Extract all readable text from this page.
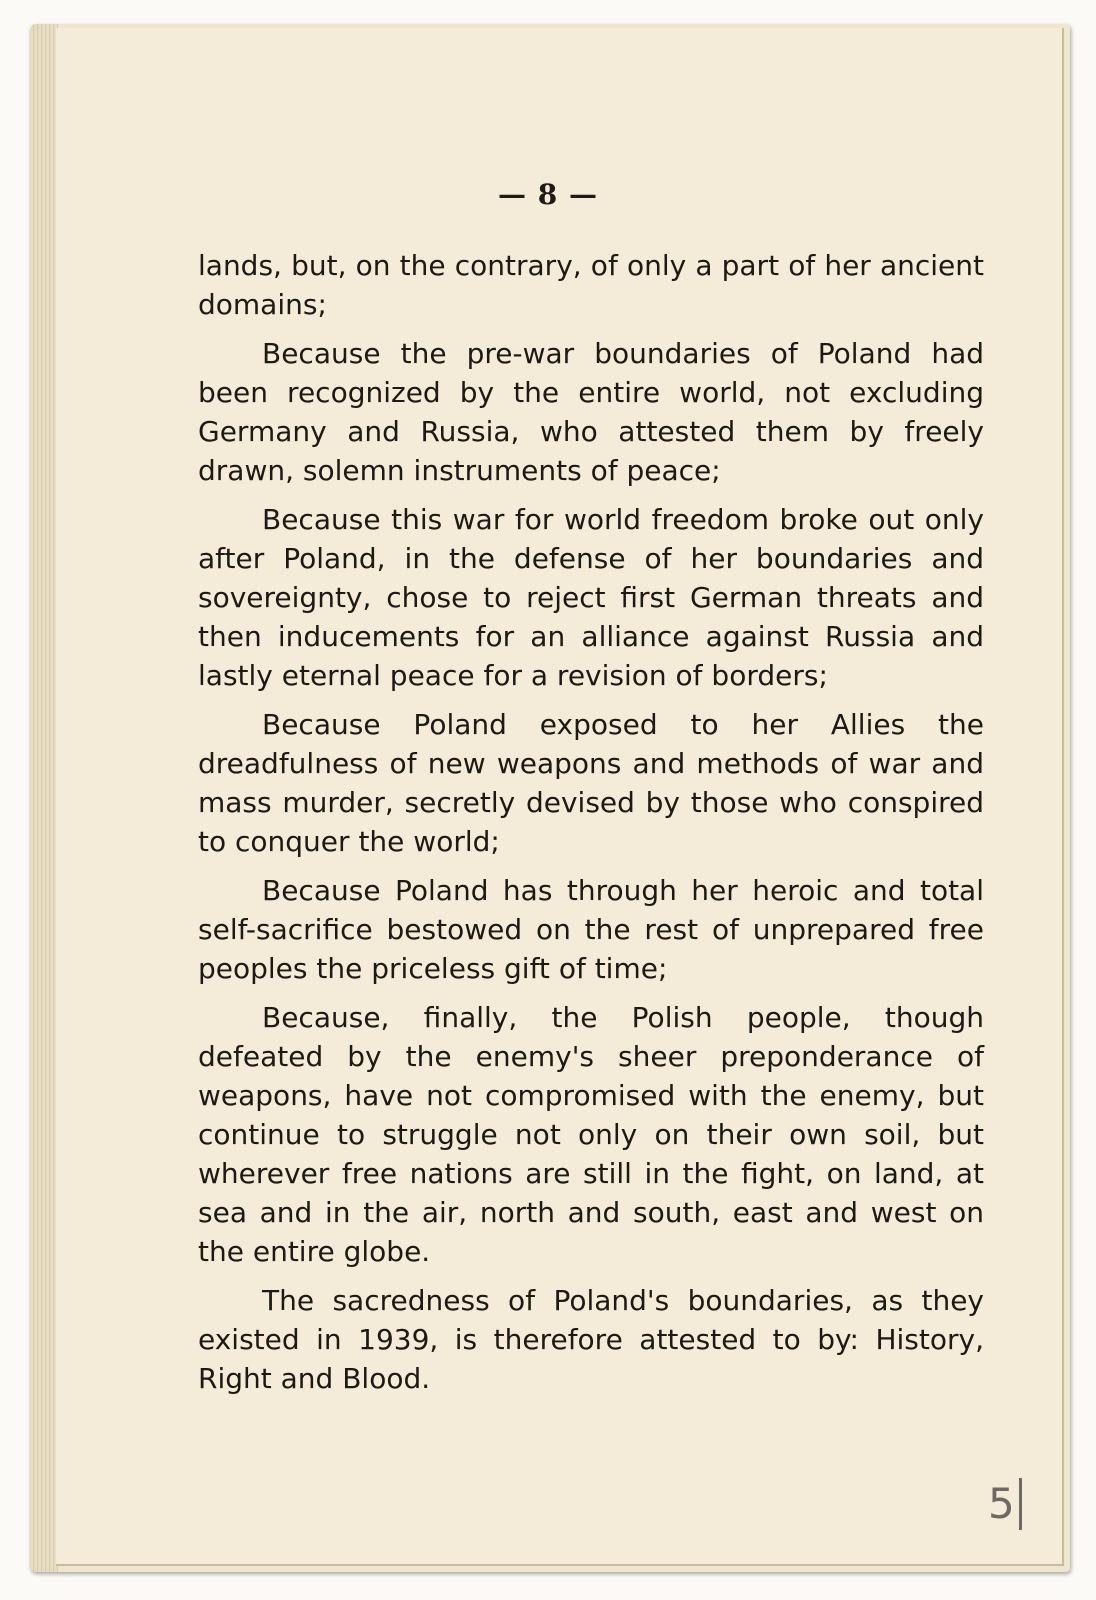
— 8 —

lands, but, on the contrary, of only a part of her ancient domains;

Because the pre-war boundaries of Poland had been recognized by the entire world, not excluding Germany and Russia, who attested them by freely drawn, solemn instruments of peace;

Because this war for world freedom broke out only after Poland, in the defense of her boundaries and sovereignty, chose to reject first German threats and then inducements for an alliance against Russia and lastly eternal peace for a revision of borders;

Because Poland exposed to her Allies the dreadfulness of new weapons and methods of war and mass murder, secretly devised by those who conspired to conquer the world;

Because Poland has through her heroic and total self-sacrifice bestowed on the rest of unprepared free peoples the priceless gift of time;

Because, finally, the Polish people, though defeated by the enemy's sheer preponderance of weapons, have not compromised with the enemy, but continue to struggle not only on their own soil, but wherever free nations are still in the fight, on land, at sea and in the air, north and south, east and west on the entire globe.

The sacredness of Poland's boundaries, as they existed in 1939, is therefore attested to by: History, Right and Blood.

5
